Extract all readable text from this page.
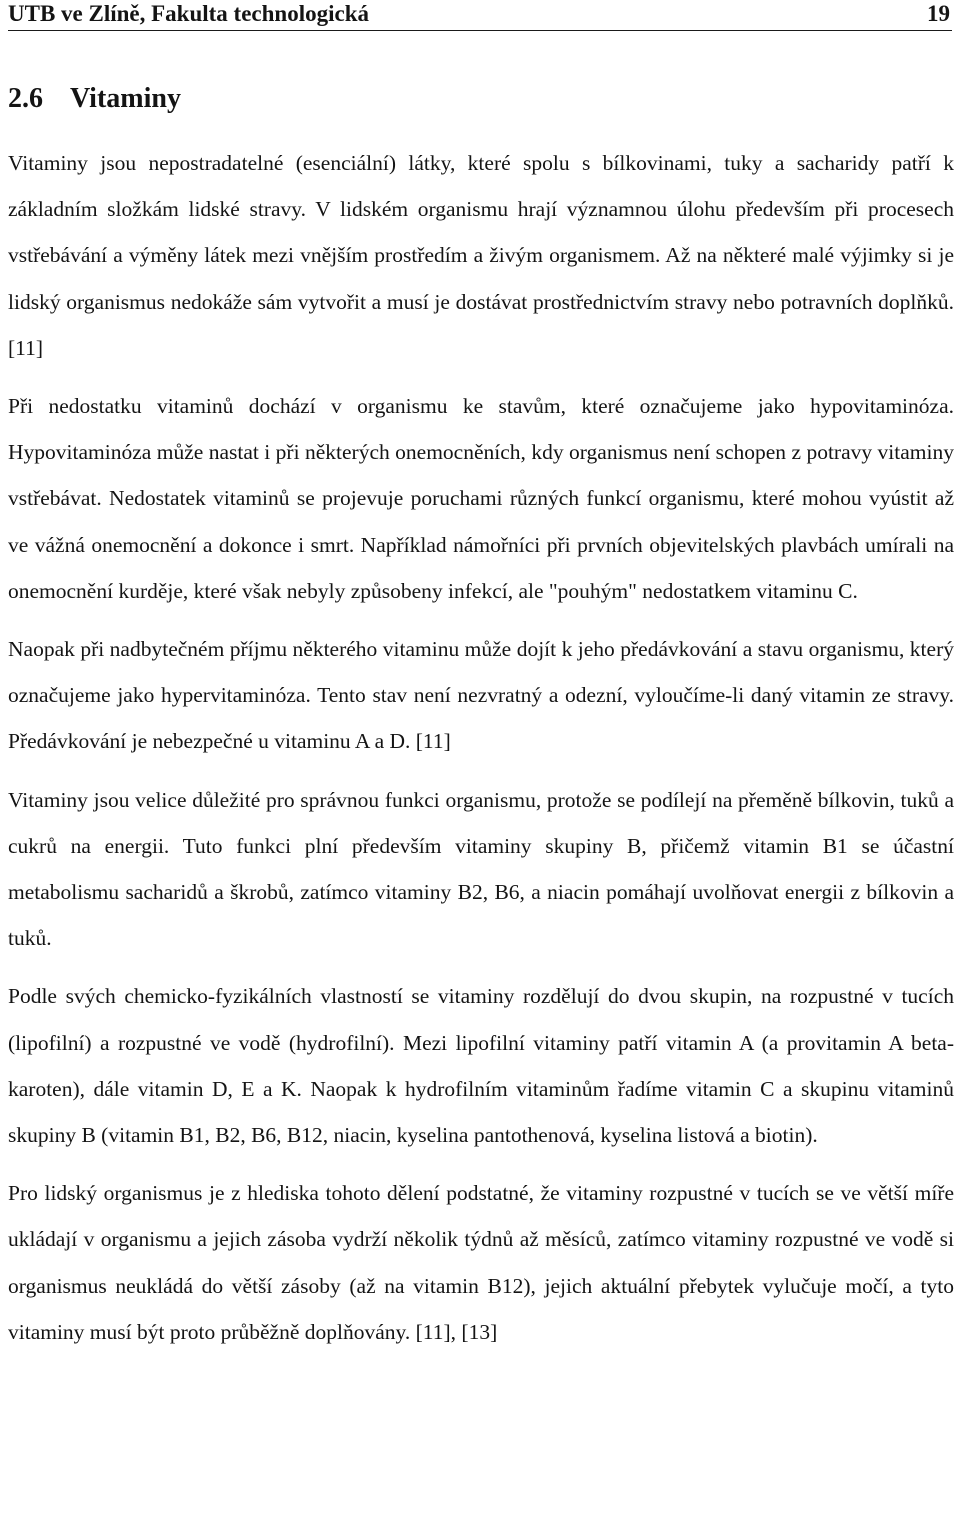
UTB ve Zlíně, Fakulta technologická	19
2.6 Vitaminy

Vitaminy jsou nepostradatelné (esenciální) látky, které spolu s bílkovinami, tuky a sacharidy patří k základním složkám lidské stravy. V lidském organismu hrají významnou úlohu především při procesech vstřebávání a výměny látek mezi vnějším prostředím a živým organismem. Až na některé malé výjimky si je lidský organismus nedokáže sám vytvořit a musí je dostávat prostřednictvím stravy nebo potravních doplňků. [11]

Při nedostatku vitaminů dochází v organismu ke stavům, které označujeme jako hypovitaminóza. Hypovitaminóza může nastat i při některých onemocněních, kdy organismus není schopen z potravy vitaminy vstřebávat. Nedostatek vitaminů se projevuje poruchami různých funkcí organismu, které mohou vyústit až ve vážná onemocnění a dokonce i smrt. Například námořníci při prvních objevitelských plavbách umírali na onemocnění kurděje, které však nebyly způsobeny infekcí, ale "pouhým" nedostatkem vitaminu C.

Naopak při nadbytečném příjmu některého vitaminu může dojít k jeho předávkování a stavu organismu, který označujeme jako hypervitaminóza. Tento stav není nezvratný a odezní, vyloučíme-li daný vitamin ze stravy. Předávkování je nebezpečné u vitaminu A a D. [11]

Vitaminy jsou velice důležité pro správnou funkci organismu, protože se podílejí na přeměně bílkovin, tuků a cukrů na energii. Tuto funkci plní především vitaminy skupiny B, přičemž vitamin B1 se účastní metabolismu sacharidů a škrobů, zatímco vitaminy B2, B6, a niacin pomáhají uvolňovat energii z bílkovin a tuků.

Podle svých chemicko-fyzikálních vlastností se vitaminy rozdělují do dvou skupin, na rozpustné v tucích (lipofilní) a rozpustné ve vodě (hydrofilní). Mezi lipofilní vitaminy patří vitamin A (a provitamin A beta-karoten), dále vitamin D, E a K. Naopak k hydrofilním vitaminům řadíme vitamin C a skupinu vitaminů skupiny B (vitamin B1, B2, B6, B12, niacin, kyselina pantothenová, kyselina listová a biotin).

Pro lidský organismus je z hlediska tohoto dělení podstatné, že vitaminy rozpustné v tucích se ve větší míře ukládají v organismu a jejich zásoba vydrží několik týdnů až měsíců, zatímco vitaminy rozpustné ve vodě si organismus neukládá do větší zásoby (až na vitamin B12), jejich aktuální přebytek vylučuje močí, a tyto vitaminy musí být proto průběžně doplňovány. [11], [13]
